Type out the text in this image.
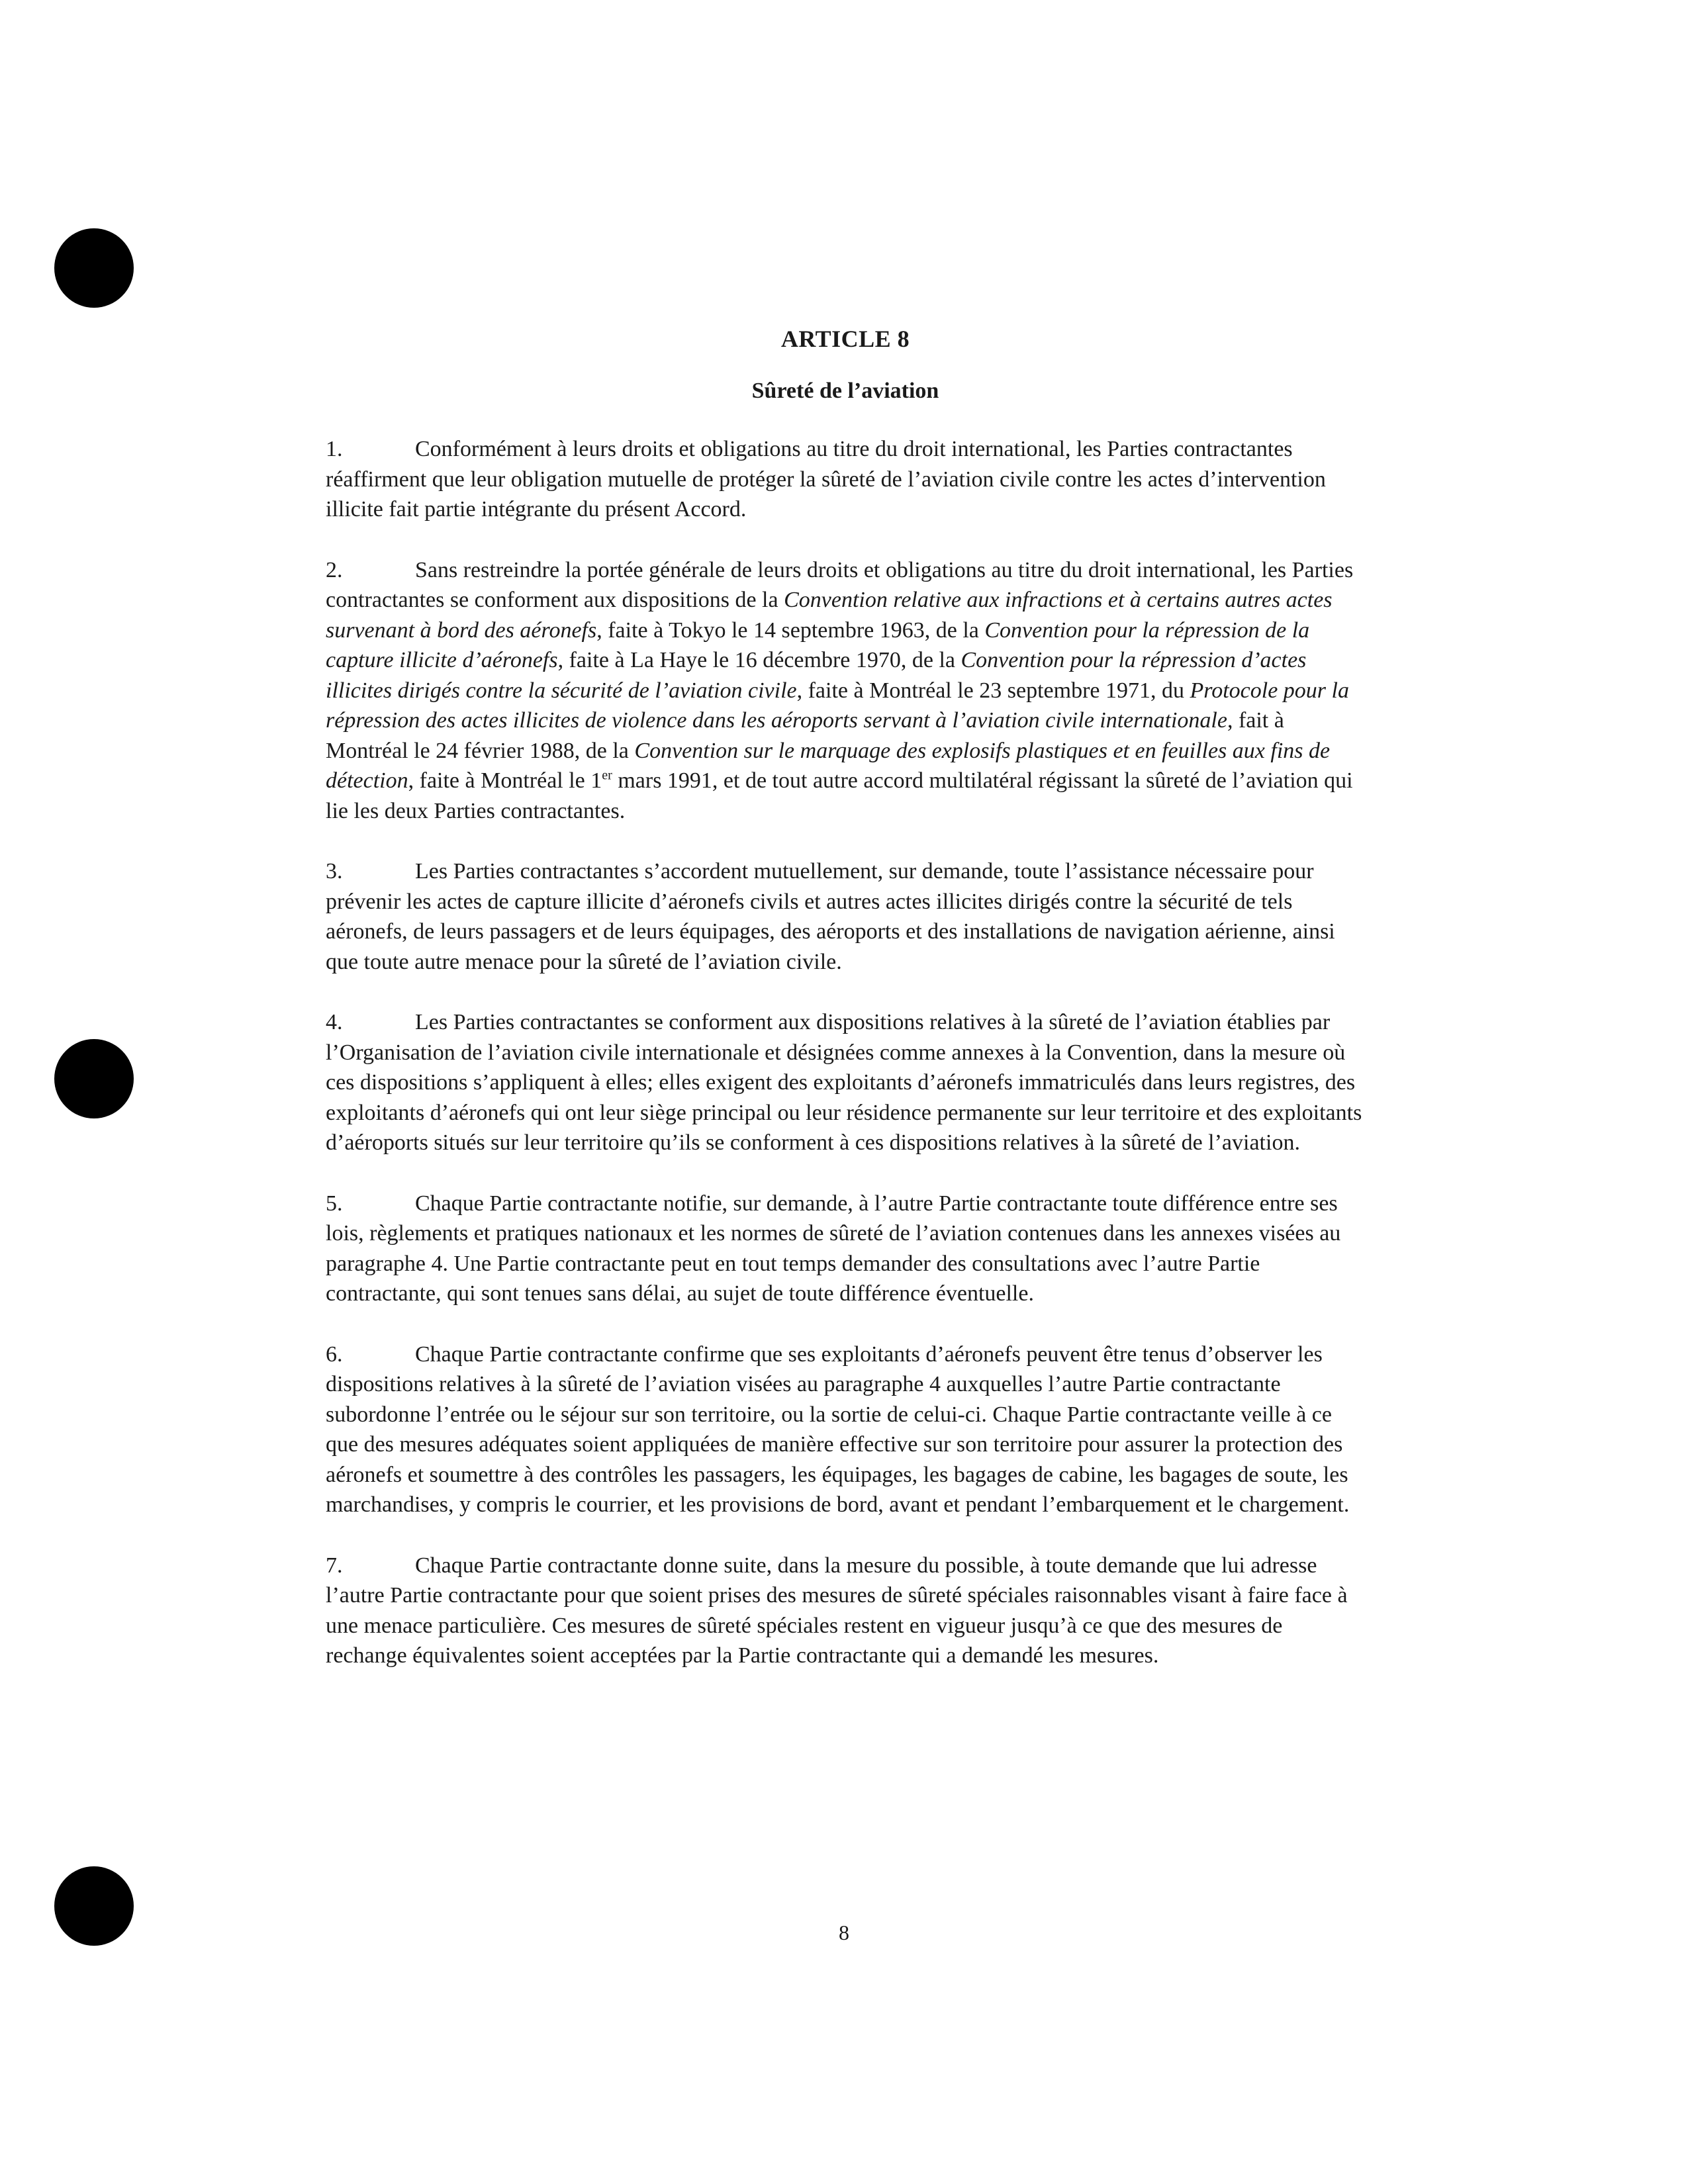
ARTICLE 8
Sûreté de l’aviation

1.	Conformément à leurs droits et obligations au titre du droit international, les Parties contractantes réaffirment que leur obligation mutuelle de protéger la sûreté de l’aviation civile contre les actes d’intervention illicite fait partie intégrante du présent Accord.

2.	Sans restreindre la portée générale de leurs droits et obligations au titre du droit international, les Parties contractantes se conforment aux dispositions de la Convention relative aux infractions et à certains autres actes survenant à bord des aéronefs, faite à Tokyo le 14 septembre 1963, de la Convention pour la répression de la capture illicite d’aéronefs, faite à La Haye le 16 décembre 1970, de la Convention pour la répression d’actes illicites dirigés contre la sécurité de l’aviation civile, faite à Montréal le 23 septembre 1971, du Protocole pour la répression des actes illicites de violence dans les aéroports servant à l’aviation civile internationale, fait à Montréal le 24 février 1988, de la Convention sur le marquage des explosifs plastiques et en feuilles aux fins de détection, faite à Montréal le 1er mars 1991, et de tout autre accord multilatéral régissant la sûreté de l’aviation qui lie les deux Parties contractantes.

3.	Les Parties contractantes s’accordent mutuellement, sur demande, toute l’assistance nécessaire pour prévenir les actes de capture illicite d’aéronefs civils et autres actes illicites dirigés contre la sécurité de tels aéronefs, de leurs passagers et de leurs équipages, des aéroports et des installations de navigation aérienne, ainsi que toute autre menace pour la sûreté de l’aviation civile.

4.	Les Parties contractantes se conforment aux dispositions relatives à la sûreté de l’aviation établies par l’Organisation de l’aviation civile internationale et désignées comme annexes à la Convention, dans la mesure où ces dispositions s’appliquent à elles; elles exigent des exploitants d’aéronefs immatriculés dans leurs registres, des exploitants d’aéronefs qui ont leur siège principal ou leur résidence permanente sur leur territoire et des exploitants d’aéroports situés sur leur territoire qu’ils se conforment à ces dispositions relatives à la sûreté de l’aviation.

5.	Chaque Partie contractante notifie, sur demande, à l’autre Partie contractante toute différence entre ses lois, règlements et pratiques nationaux et les normes de sûreté de l’aviation contenues dans les annexes visées au paragraphe 4. Une Partie contractante peut en tout temps demander des consultations avec l’autre Partie contractante, qui sont tenues sans délai, au sujet de toute différence éventuelle.

6.	Chaque Partie contractante confirme que ses exploitants d’aéronefs peuvent être tenus d’observer les dispositions relatives à la sûreté de l’aviation visées au paragraphe 4 auxquelles l’autre Partie contractante subordonne l’entrée ou le séjour sur son territoire, ou la sortie de celui-ci. Chaque Partie contractante veille à ce que des mesures adéquates soient appliquées de manière effective sur son territoire pour assurer la protection des aéronefs et soumettre à des contrôles les passagers, les équipages, les bagages de cabine, les bagages de soute, les marchandises, y compris le courrier, et les provisions de bord, avant et pendant l’embarquement et le chargement.

7.	Chaque Partie contractante donne suite, dans la mesure du possible, à toute demande que lui adresse l’autre Partie contractante pour que soient prises des mesures de sûreté spéciales raisonnables visant à faire face à une menace particulière. Ces mesures de sûreté spéciales restent en vigueur jusqu’à ce que des mesures de rechange équivalentes soient acceptées par la Partie contractante qui a demandé les mesures.

8
